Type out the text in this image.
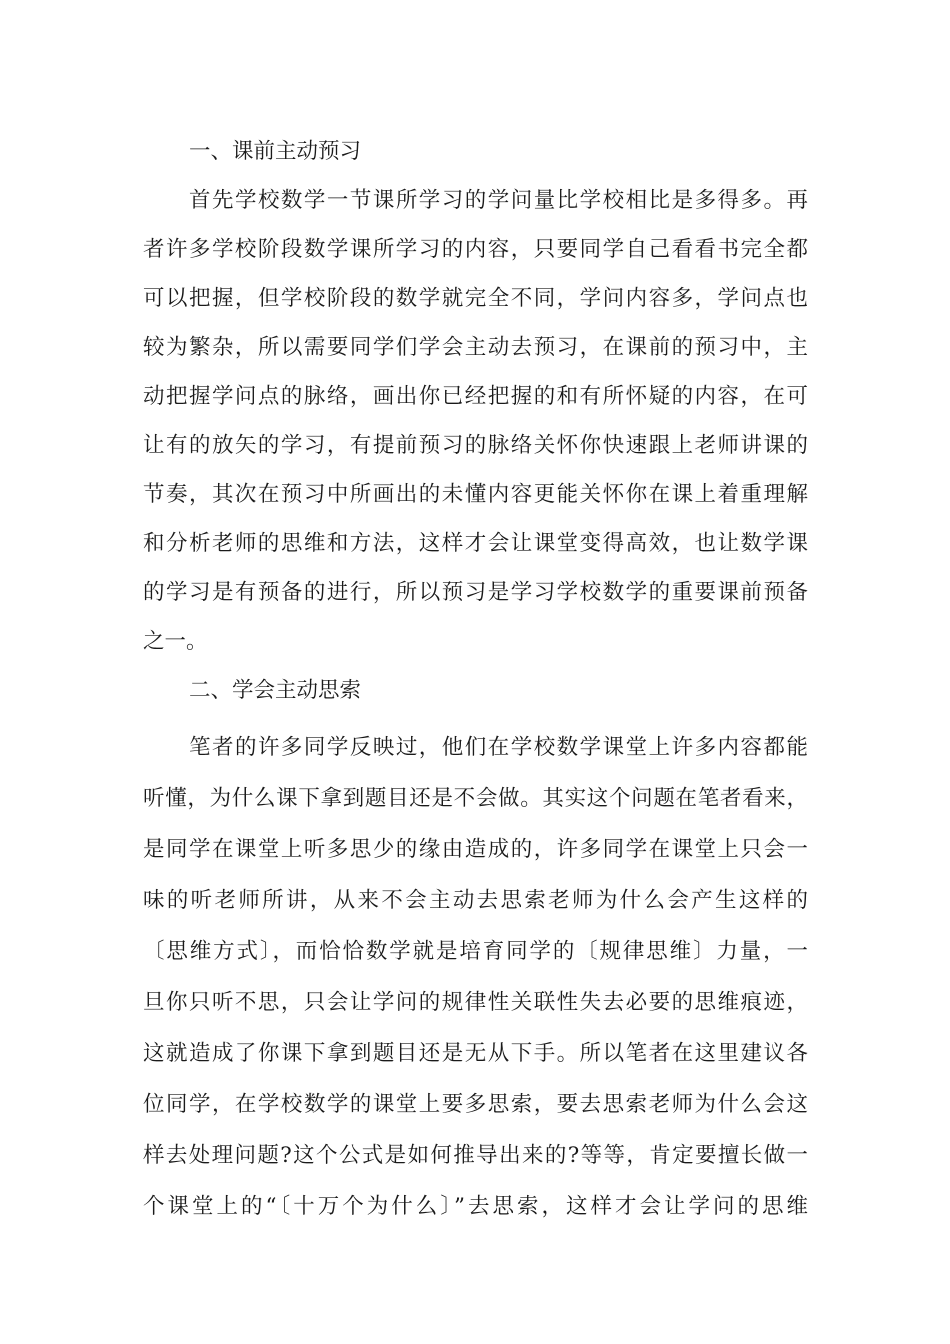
一、课前主动预习
首先学校数学一节课所学习的学问量比学校相比是多得多。再
者许多学校阶段数学课所学习的内容，只要同学自己看看书完全都
可以把握，但学校阶段的数学就完全不同，学问内容多，学问点也
较为繁杂，所以需要同学们学会主动去预习，在课前的预习中，主
动把握学问点的脉络，画出你已经把握的和有所怀疑的内容，在可
让有的放矢的学习，有提前预习的脉络关怀你快速跟上老师讲课的
节奏，其次在预习中所画出的未懂内容更能关怀你在课上着重理解
和分析老师的思维和方法，这样才会让课堂变得高效，也让数学课
的学习是有预备的进行，所以预习是学习学校数学的重要课前预备
之一。
二、学会主动思索
笔者的许多同学反映过，他们在学校数学课堂上许多内容都能
听懂，为什么课下拿到题目还是不会做。其实这个问题在笔者看来，
是同学在课堂上听多思少的缘由造成的，许多同学在课堂上只会一
味的听老师所讲，从来不会主动去思索老师为什么会产生这样的
〔思维方式〕，而恰恰数学就是培育同学的〔规律思维〕力量，一
旦你只听不思，只会让学问的规律性关联性失去必要的思维痕迹，
这就造成了你课下拿到题目还是无从下手。所以笔者在这里建议各
位同学，在学校数学的课堂上要多思索，要去思索老师为什么会这
样去处理问题?这个公式是如何推导出来的?等等，肯定要擅长做一
个课堂上的“〔十万个为什么〕”去思索，这样才会让学问的思维
